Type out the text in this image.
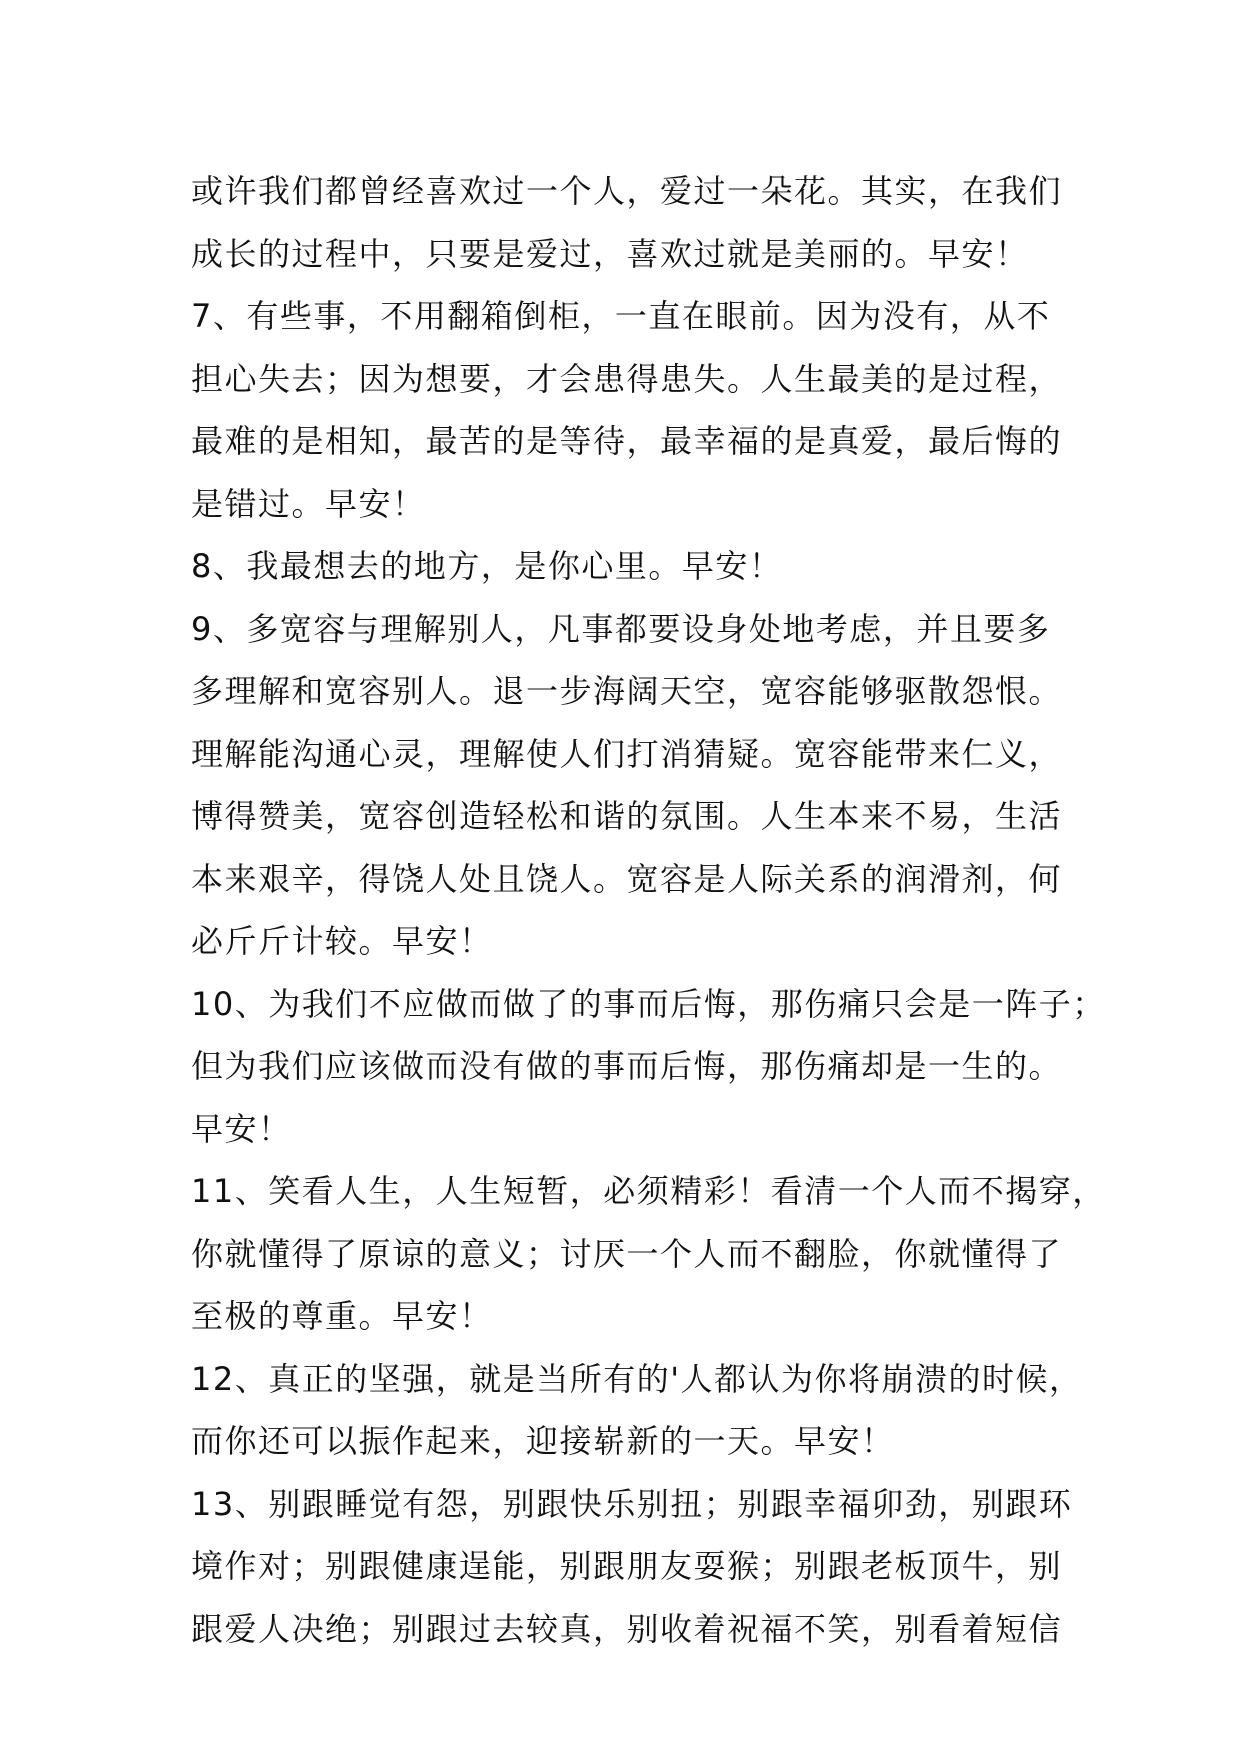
或许我们都曾经喜欢过一个人，爱过一朵花。其实，在我们
成长的过程中，只要是爱过，喜欢过就是美丽的。早安！
7、有些事，不用翻箱倒柜，一直在眼前。因为没有，从不
担心失去；因为想要，才会患得患失。人生最美的是过程，
最难的是相知，最苦的是等待，最幸福的是真爱，最后悔的
是错过。早安！
8、我最想去的地方，是你心里。早安！
9、多宽容与理解别人，凡事都要设身处地考虑，并且要多
多理解和宽容别人。退一步海阔天空，宽容能够驱散怨恨。
理解能沟通心灵，理解使人们打消猜疑。宽容能带来仁义，
博得赞美，宽容创造轻松和谐的氛围。人生本来不易，生活
本来艰辛，得饶人处且饶人。宽容是人际关系的润滑剂，何
必斤斤计较。早安！
10、为我们不应做而做了的事而后悔，那伤痛只会是一阵子；
但为我们应该做而没有做的事而后悔，那伤痛却是一生的。
早安！
11、笑看人生，人生短暂，必须精彩！看清一个人而不揭穿，
你就懂得了原谅的意义；讨厌一个人而不翻脸，你就懂得了
至极的尊重。早安！
12、真正的坚强，就是当所有的'人都认为你将崩溃的时候，
而你还可以振作起来，迎接崭新的一天。早安！
13、别跟睡觉有怨，别跟快乐别扭；别跟幸福卯劲，别跟环
境作对；别跟健康逞能，别跟朋友耍猴；别跟老板顶牛，别
跟爱人决绝；别跟过去较真，别收着祝福不笑，别看着短信
